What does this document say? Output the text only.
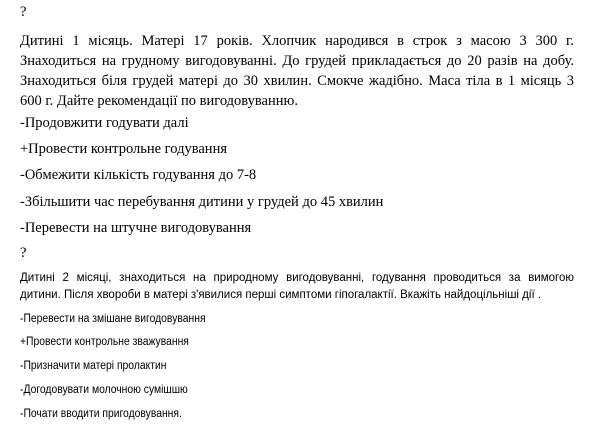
?
Дитині 1 місяць. Матері 17 років. Хлопчик народився в строк з масою 3 300 г.
Знаходиться на грудному вигодовуванні. До грудей прикладається до 20 разів на добу.
Знаходиться біля грудей матері до 30 хвилин. Смокче жадібно. Маса тіла в 1 місяць 3
600 г. Дайте рекомендації по вигодовуванню.
-Продовжити годувати далі
+Провести контрольне годування
-Обмежити кількість годування до 7-8
-Збільшити час перебування дитини у грудей до 45 хвилин
-Перевести на штучне вигодовування
?
Дитині 2 місяці, знаходиться на природному вигодовуванні, годування проводиться за вимогою
дитини. Після хвороби в матері з'явилися перші симптоми гіпогалактії. Вкажіть найдоцільніші дії .
-Перевести на змішане вигодовування
+Провести контрольне зважування
-Призначити матері пролактин
-Догодовувати молочною сумішшю
-Почати вводити пригодовування.
